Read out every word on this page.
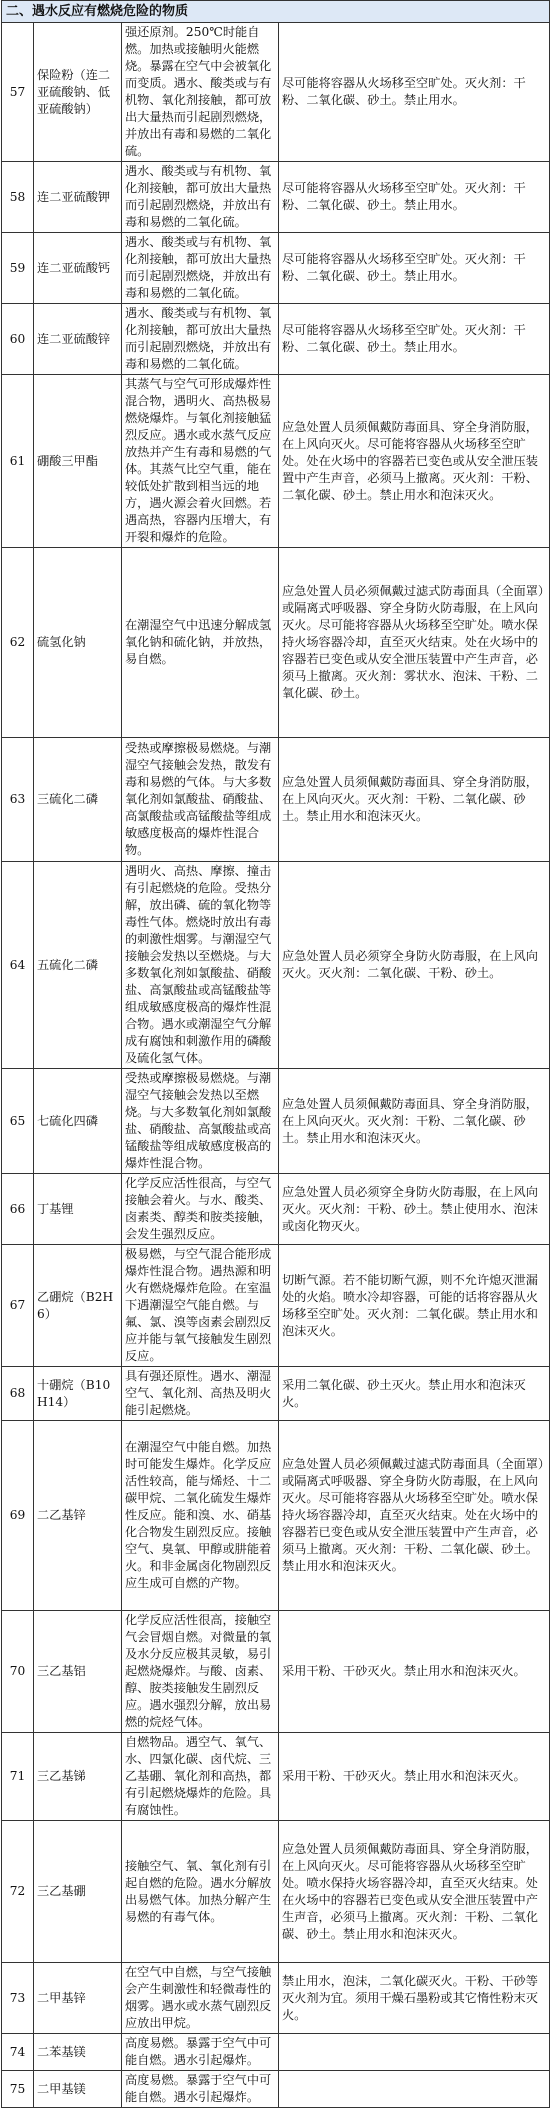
二、遇水反应有燃烧危险的物质			
57	保险粉（连二亚硫酸钠、低亚硫酸钠）	强还原剂。250℃时能自燃。加热或接触明火能燃烧。暴露在空气中会被氧化而变质。遇水、酸类或与有机物、氧化剂接触，都可放出大量热而引起剧烈燃烧，并放出有毒和易燃的二氧化硫。	尽可能将容器从火场移至空旷处。灭火剂：干粉、二氧化碳、砂土。禁止用水。
58	连二亚硫酸钾	遇水、酸类或与有机物、氧化剂接触，都可放出大量热而引起剧烈燃烧，并放出有毒和易燃的二氧化硫。	尽可能将容器从火场移至空旷处。灭火剂：干粉、二氧化碳、砂土。禁止用水。
59	连二亚硫酸钙	遇水、酸类或与有机物、氧化剂接触，都可放出大量热而引起剧烈燃烧，并放出有毒和易燃的二氧化硫。	尽可能将容器从火场移至空旷处。灭火剂：干粉、二氧化碳、砂土。禁止用水。
60	连二亚硫酸锌	遇水、酸类或与有机物、氧化剂接触，都可放出大量热而引起剧烈燃烧，并放出有毒和易燃的二氧化硫。	尽可能将容器从火场移至空旷处。灭火剂：干粉、二氧化碳、砂土。禁止用水。
61	硼酸三甲酯	其蒸气与空气可形成爆炸性混合物，遇明火、高热极易燃烧爆炸。与氧化剂接触猛烈反应。遇水或水蒸气反应放热并产生有毒和易燃的气体。其蒸气比空气重，能在较低处扩散到相当远的地方，遇火源会着火回燃。若遇高热，容器内压增大，有开裂和爆炸的危险。	应急处置人员须佩戴防毒面具、穿全身消防服，在上风向灭火。尽可能将容器从火场移至空旷处。处在火场中的容器若已变色或从安全泄压装置中产生声音，必须马上撤离。灭火剂：干粉、二氧化碳、砂土。禁止用水和泡沫灭火。
62	硫氢化钠	在潮湿空气中迅速分解成氢氧化钠和硫化钠，并放热，易自燃。	应急处置人员必须佩戴过滤式防毒面具（全面罩）或隔离式呼吸器、穿全身防火防毒服，在上风向灭火。尽可能将容器从火场移至空旷处。喷水保持火场容器冷却，直至灭火结束。处在火场中的容器若已变色或从安全泄压装置中产生声音，必须马上撤离。灭火剂：雾状水、泡沫、干粉、二氧化碳、砂土。
63	三硫化二磷	受热或摩擦极易燃烧。与潮湿空气接触会发热，散发有毒和易燃的气体。与大多数氧化剂如氯酸盐、硝酸盐、高氯酸盐或高锰酸盐等组成敏感度极高的爆炸性混合物。	应急处置人员须佩戴防毒面具、穿全身消防服，在上风向灭火。灭火剂：干粉、二氧化碳、砂土。禁止用水和泡沫灭火。
64	五硫化二磷	遇明火、高热、摩擦、撞击有引起燃烧的危险。受热分解，放出磷、硫的氧化物等毒性气体。燃烧时放出有毒的刺激性烟雾。与潮湿空气接触会发热以至燃烧。与大多数氧化剂如氯酸盐、硝酸盐、高氯酸盐或高锰酸盐等组成敏感度极高的爆炸性混合物。遇水或潮湿空气分解成有腐蚀和刺激作用的磷酸及硫化氢气体。	应急处置人员必须穿全身防火防毒服，在上风向灭火。灭火剂：二氧化碳、干粉、砂土。
65	七硫化四磷	受热或摩擦极易燃烧。与潮湿空气接触会发热以至燃烧。与大多数氧化剂如氯酸盐、硝酸盐、高氯酸盐或高锰酸盐等组成敏感度极高的爆炸性混合物。	应急处置人员须佩戴防毒面具、穿全身消防服，在上风向灭火。灭火剂：干粉、二氧化碳、砂土。禁止用水和泡沫灭火。
66	丁基锂	化学反应活性很高，与空气接触会着火。与水、酸类、卤素类、醇类和胺类接触，会发生强烈反应。	应急处置人员必须穿全身防火防毒服，在上风向灭火。灭火剂：干粉、砂土。禁止使用水、泡沫或卤化物灭火。
67	乙硼烷（B2H6）	极易燃，与空气混合能形成爆炸性混合物。遇热源和明火有燃烧爆炸危险。在室温下遇潮湿空气能自燃。与氟、氯、溴等卤素会剧烈反应并能与氧气接触发生剧烈反应。	切断气源。若不能切断气源，则不允许熄灭泄漏处的火焰。喷水冷却容器，可能的话将容器从火场移至空旷处。灭火剂：二氧化碳。禁止用水和泡沫灭火。
68	十硼烷（B10H14）	具有强还原性。遇水、潮湿空气、氧化剂、高热及明火能引起燃烧。	采用二氧化碳、砂土灭火。禁止用水和泡沫灭火。
69	二乙基锌	在潮湿空气中能自燃。加热时可能发生爆炸。化学反应活性较高，能与烯烃、十二碳甲烷、二氧化硫发生爆炸性反应。能和溴、水、硝基化合物发生剧烈反应。接触空气、臭氧、甲醇或肼能着火。和非金属卤化物剧烈反应生成可自燃的产物。	应急处置人员必须佩戴过滤式防毒面具（全面罩）或隔离式呼吸器、穿全身防火防毒服，在上风向灭火。尽可能将容器从火场移至空旷处。喷水保持火场容器冷却，直至灭火结束。处在火场中的容器若已变色或从安全泄压装置中产生声音，必须马上撤离。灭火剂：干粉、二氧化碳、砂土。禁止用水和泡沫灭火。
70	三乙基铝	化学反应活性很高，接触空气会冒烟自燃。对微量的氧及水分反应极其灵敏，易引起燃烧爆炸。与酸、卤素、醇、胺类接触发生剧烈反应。遇水强烈分解，放出易燃的烷烃气体。	采用干粉、干砂灭火。禁止用水和泡沫灭火。
71	三乙基锑	自燃物品。遇空气、氧气、水、四氯化碳、卤代烷、三乙基硼、氧化剂和高热，都有引起燃烧爆炸的危险。具有腐蚀性。	采用干粉、干砂灭火。禁止用水和泡沫灭火。
72	三乙基硼	接触空气、氧、氧化剂有引起自燃的危险。遇水分解放出易燃气体。加热分解产生易燃的有毒气体。	应急处置人员须佩戴防毒面具、穿全身消防服，在上风向灭火。尽可能将容器从火场移至空旷处。喷水保持火场容器冷却，直至灭火结束。处在火场中的容器若已变色或从安全泄压装置中产生声音，必须马上撤离。灭火剂：干粉、二氧化碳、砂土。禁止用水和泡沫灭火。
73	二甲基锌	在空气中自燃，与空气接触会产生刺激性和轻微毒性的烟雾。遇水或水蒸气剧烈反应放出甲烷。	禁止用水，泡沫，二氧化碳灭火。干粉、干砂等灭火剂为宜。须用干燥石墨粉或其它惰性粉末灭火。
74	二苯基镁	高度易燃。暴露于空气中可能自燃。遇水引起爆炸。	
75	二甲基镁	高度易燃。暴露于空气中可能自燃。遇水引起爆炸。	
